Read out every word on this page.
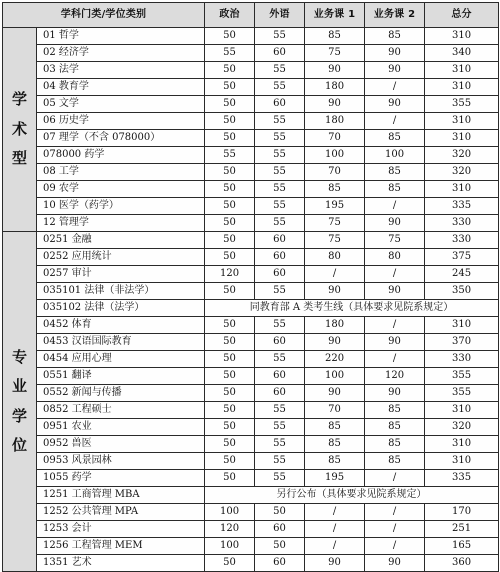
学科门类/学位类别		政治	外语	业务课 1	业务课 2	总分

学
术
型	01 哲学	50	55	85	85	310
	02 经济学	55	60	75	90	340
	03 法学	50	55	90	90	310
	04 教育学	50	55	180	/	310
	05 文学	50	60	90	90	355
	06 历史学	50	55	180	/	310
	07 理学（不含 078000）	50	55	70	85	310
	078000 药学	55	55	100	100	320
	08 工学	50	55	70	85	320
	09 农学	50	55	85	85	310
	10 医学（药学）	50	55	195	/	335
	12 管理学	50	55	75	90	330

专
业
学
位	0251 金融	50	60	75	75	330
	0252 应用统计	50	60	80	80	375
	0257 审计	120	60	/	/	245
	035101 法律（非法学）	50	55	90	90	350
	035102 法律（法学）	同教育部 A 类考生线（具体要求见院系规定）				
	0452 体育	50	55	180	/	310
	0453 汉语国际教育	50	60	90	90	370
	0454 应用心理	50	55	220	/	330
	0551 翻译	50	60	100	120	355
	0552 新闻与传播	50	60	90	90	355
	0852 工程硕士	50	55	70	85	310
	0951 农业	50	55	85	85	320
	0952 兽医	50	55	85	85	310
	0953 风景园林	50	55	85	85	310
	1055 药学	50	55	195	/	335
	1251 工商管理 MBA	另行公布（具体要求见院系规定）				
	1252 公共管理 MPA	100	50	/	/	170
	1253 会计	120	60	/	/	251
	1256 工程管理 MEM	100	50	/	/	165
	1351 艺术	50	60	90	90	360
